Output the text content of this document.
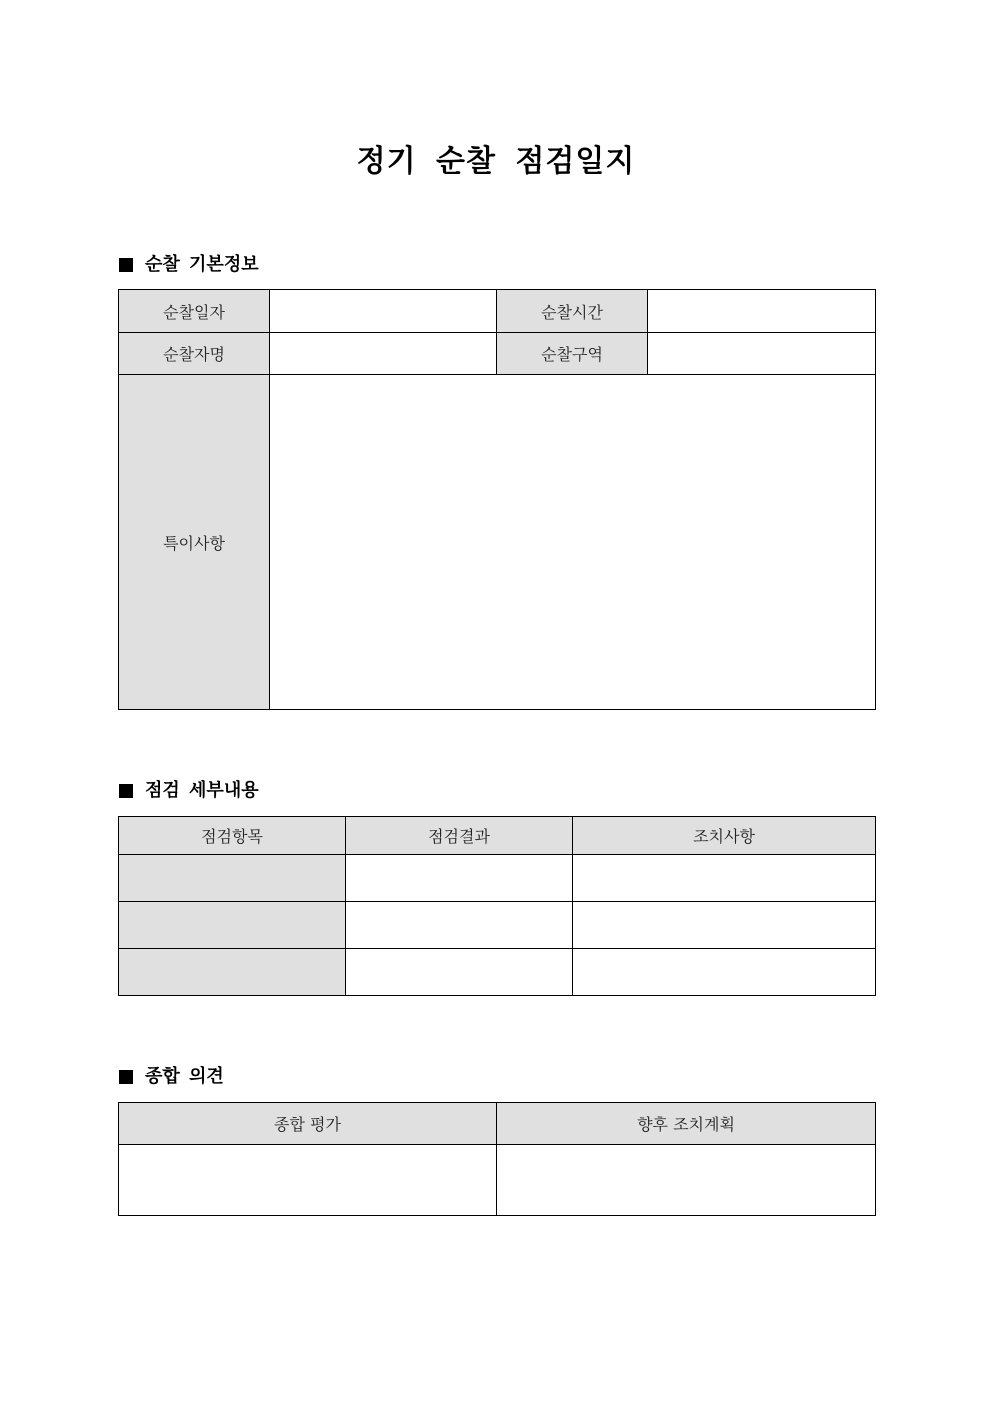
정기 순찰 점검일지
순찰 기본정보
순찰일자		순찰시간	
순찰자명		순찰구역	
특이사항			
점검 세부내용
점검항목	점검결과	조치사항

종합 의견
종합 평가	향후 조치계획
